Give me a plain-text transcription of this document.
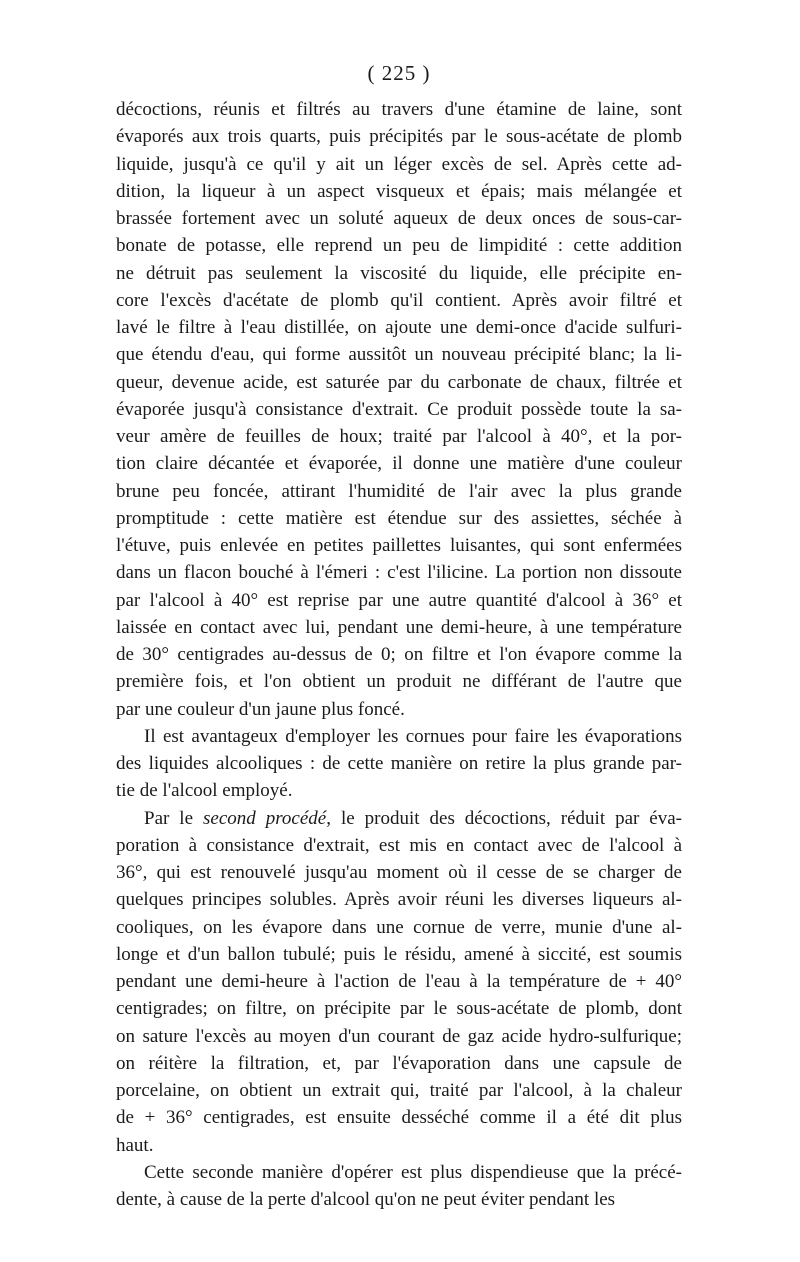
( 225 )

décoctions, réunis et filtrés au travers d'une étamine de laine, sont
évaporés aux trois quarts, puis précipités par le sous-acétate de plomb
liquide, jusqu'à ce qu'il y ait un léger excès de sel. Après cette ad-
dition, la liqueur à un aspect visqueux et épais; mais mélangée et
brassée fortement avec un soluté aqueux de deux onces de sous-car-
bonate de potasse, elle reprend un peu de limpidité : cette addition
ne détruit pas seulement la viscosité du liquide, elle précipite en-
core l'excès d'acétate de plomb qu'il contient. Après avoir filtré et
lavé le filtre à l'eau distillée, on ajoute une demi-once d'acide sulfuri-
que étendu d'eau, qui forme aussitôt un nouveau précipité blanc; la li-
queur, devenue acide, est saturée par du carbonate de chaux, filtrée et
évaporée jusqu'à consistance d'extrait. Ce produit possède toute la sa-
veur amère de feuilles de houx; traité par l'alcool à 40°, et la por-
tion claire décantée et évaporée, il donne une matière d'une couleur
brune peu foncée, attirant l'humidité de l'air avec la plus grande
promptitude : cette matière est étendue sur des assiettes, séchée à
l'étuve, puis enlevée en petites paillettes luisantes, qui sont enfermées
dans un flacon bouché à l'émeri : c'est l'ilicine. La portion non dissoute
par l'alcool à 40° est reprise par une autre quantité d'alcool à 36° et
laissée en contact avec lui, pendant une demi-heure, à une température
de 30° centigrades au-dessus de 0; on filtre et l'on évapore comme la
première fois, et l'on obtient un produit ne différant de l'autre que
par une couleur d'un jaune plus foncé.

Il est avantageux d'employer les cornues pour faire les évaporations
des liquides alcooliques : de cette manière on retire la plus grande par-
tie de l'alcool employé.

Par le second procédé, le produit des décoctions, réduit par éva-
poration à consistance d'extrait, est mis en contact avec de l'alcool à
36°, qui est renouvelé jusqu'au moment où il cesse de se charger de
quelques principes solubles. Après avoir réuni les diverses liqueurs al-
cooliques, on les évapore dans une cornue de verre, munie d'une al-
longe et d'un ballon tubulé; puis le résidu, amené à siccité, est soumis
pendant une demi-heure à l'action de l'eau à la température de + 40°
centigrades; on filtre, on précipite par le sous-acétate de plomb, dont
on sature l'excès au moyen d'un courant de gaz acide hydro-sulfurique;
on réitère la filtration, et, par l'évaporation dans une capsule de
porcelaine, on obtient un extrait qui, traité par l'alcool, à la chaleur
de + 36° centigrades, est ensuite desséché comme il a été dit plus
haut.

Cette seconde manière d'opérer est plus dispendieuse que la précé-
dente, à cause de la perte d'alcool qu'on ne peut éviter pendant les
